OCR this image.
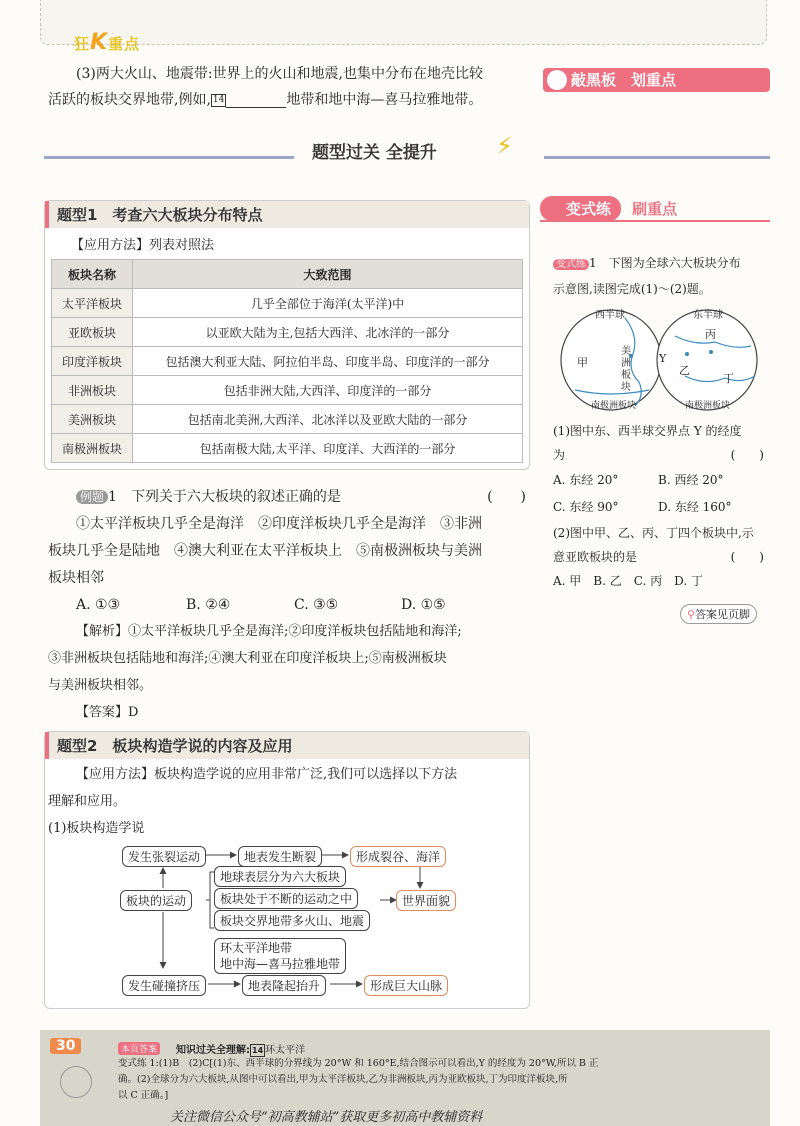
狂K重点
(3)两大火山、地震带:世界上的火山和地震,也集中分布在地壳比较
活跃的板块交界地带,例如, 14	地带和地中海—喜马拉雅地带。
敲黑板　 划重点
题型过关 全提升 ⚡
题型1　考查六大板块分布特点
【应用方法】列表对照法
板块名称	大致范围
太平洋板块	几乎全部位于海洋(太平洋)中
亚欧板块	以亚欧大陆为主,包括大西洋、北冰洋的一部分
印度洋板块	包括澳大利亚大陆、阿拉伯半岛、印度半岛、印度洋的一部分
非洲板块	包括非洲大陆,大西洋、印度洋的一部分
美洲板块	包括南北美洲,大西洋、北冰洋以及亚欧大陆的一部分
南极洲板块	包括南极大陆,太平洋、印度洋、大西洋的一部分
例题 1　 下列关于六大板块的叙述正确的是	(　　)
①太平洋板块几乎全是海洋　②印度洋板块几乎全是海洋　③非洲
板块几乎全是陆地　④澳大利亚在太平洋板块上　⑤南极洲板块与美洲
板块相邻
A. ①③	B. ②④	C. ③⑤	D. ①⑤
【解析】①太平洋板块几乎全是海洋;②印度洋板块包括陆地和海洋;
③非洲板块包括陆地和海洋;④澳大利亚在印度洋板块上;⑤南极洲板块
与美洲板块相邻。
【答案】D
题型2　板块构造学说的内容及应用
【应用方法】板块构造学说的应用非常广泛,我们可以选择以下方法
理解和应用。
(1)板块构造学说
发生张裂运动	地表发生断裂	形成裂谷、海洋
板块的运动
地球表层分为六大板块
板块处于不断的运动之中
板块交界地带多火山、地震
世界面貌
环太平洋地带
地中海—喜马拉雅地带
发生碰撞挤压	地表隆起抬升	形成巨大山脉
变式练 刷重点
变式练 1　 下图为全球六大板块分布
示意图,读图完成(1)～(2)题。
西半球	东半球
甲
美洲板块
Y
丙
乙
丁
南极洲板块	南极洲板块
(1)图中东、西半球交界点 Y 的经度
为	(　　)
A. 东经 20°	B. 西经 20°
C. 东经 90°	D. 东经 160°
(2)图中甲、乙、丙、丁四个板块中,示
意亚欧板块的是	(　　)
A. 甲　B. 乙　C. 丙　D. 丁
⚲答案见页脚
30	本页答案	知识过关全理解: 14 环太平洋
变式练 1:(1)B　(2)C[(1)东、西半球的分界线为 20°W 和 160°E,结合图示可以看出,Y 的经度为 20°W,所以 B 正
确。(2)全球分为六大板块,从图中可以看出,甲为太平洋板块,乙为非洲板块,丙为亚欧板块,丁为印度洋板块,所
以 C 正确。]
关注微信公众号“初高教辅站”获取更多初高中教辅资料
